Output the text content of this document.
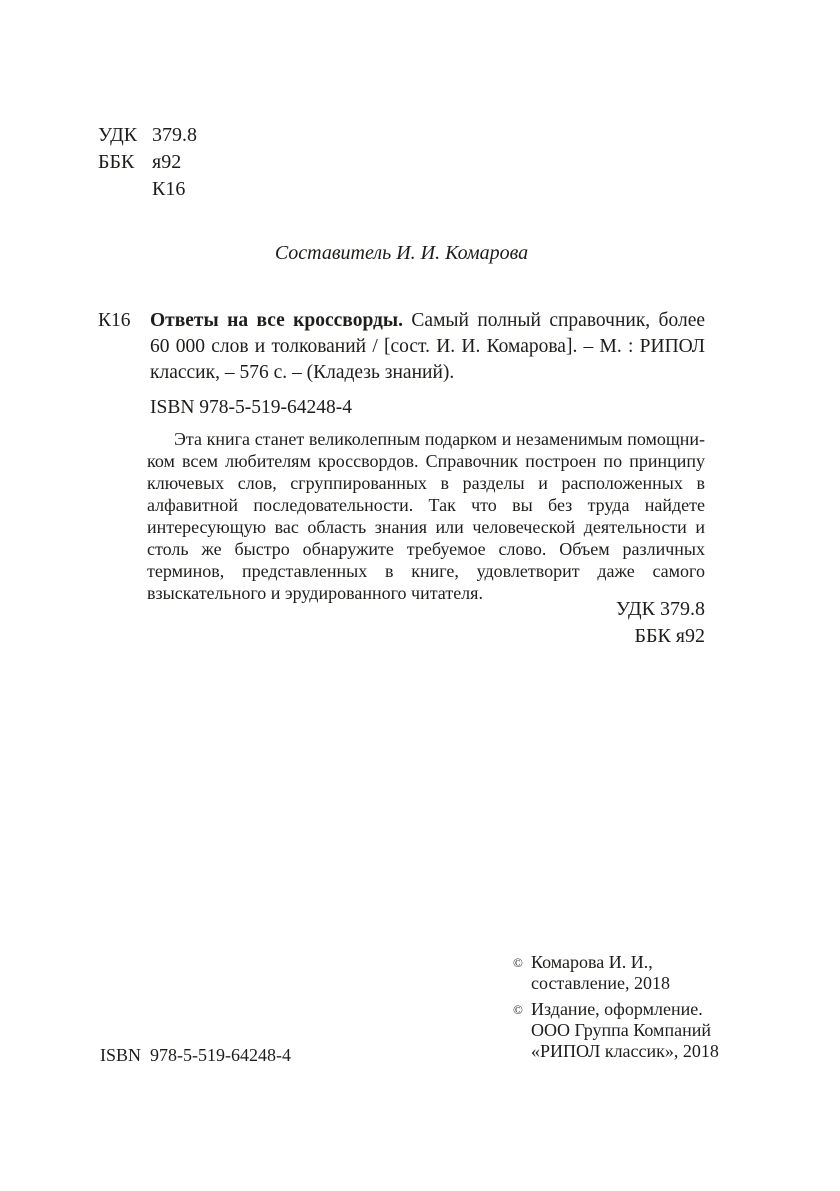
УДК 379.8
ББК я92
К16
Составитель И. И. Комарова
К16 Ответы на все кроссворды. Самый полный справочник, более 60 000 слов и толкований / [сост. И. И. Комарова]. – М. : РИПОЛ классик, – 576 с. – (Кладезь знаний).

ISBN 978-5-519-64248-4

Эта книга станет великолепным подарком и незаменимым помощником всем любителям кроссвордов. Справочник построен по принципу ключевых слов, сгруппированных в разделы и расположенных в алфавитной последовательности. Так что вы без труда найдете интересующую вас область знания или человеческой деятельности и столь же быстро обнаружите требуемое слово. Объем различных терминов, представленных в книге, удовлетворит даже самого взыскательного и эрудированного читателя.

УДК 379.8
ББК я92
© Комарова И. И., составление, 2018
© Издание, оформление. ООО Группа Компаний «РИПОЛ классик», 2018
ISBN  978-5-519-64248-4
